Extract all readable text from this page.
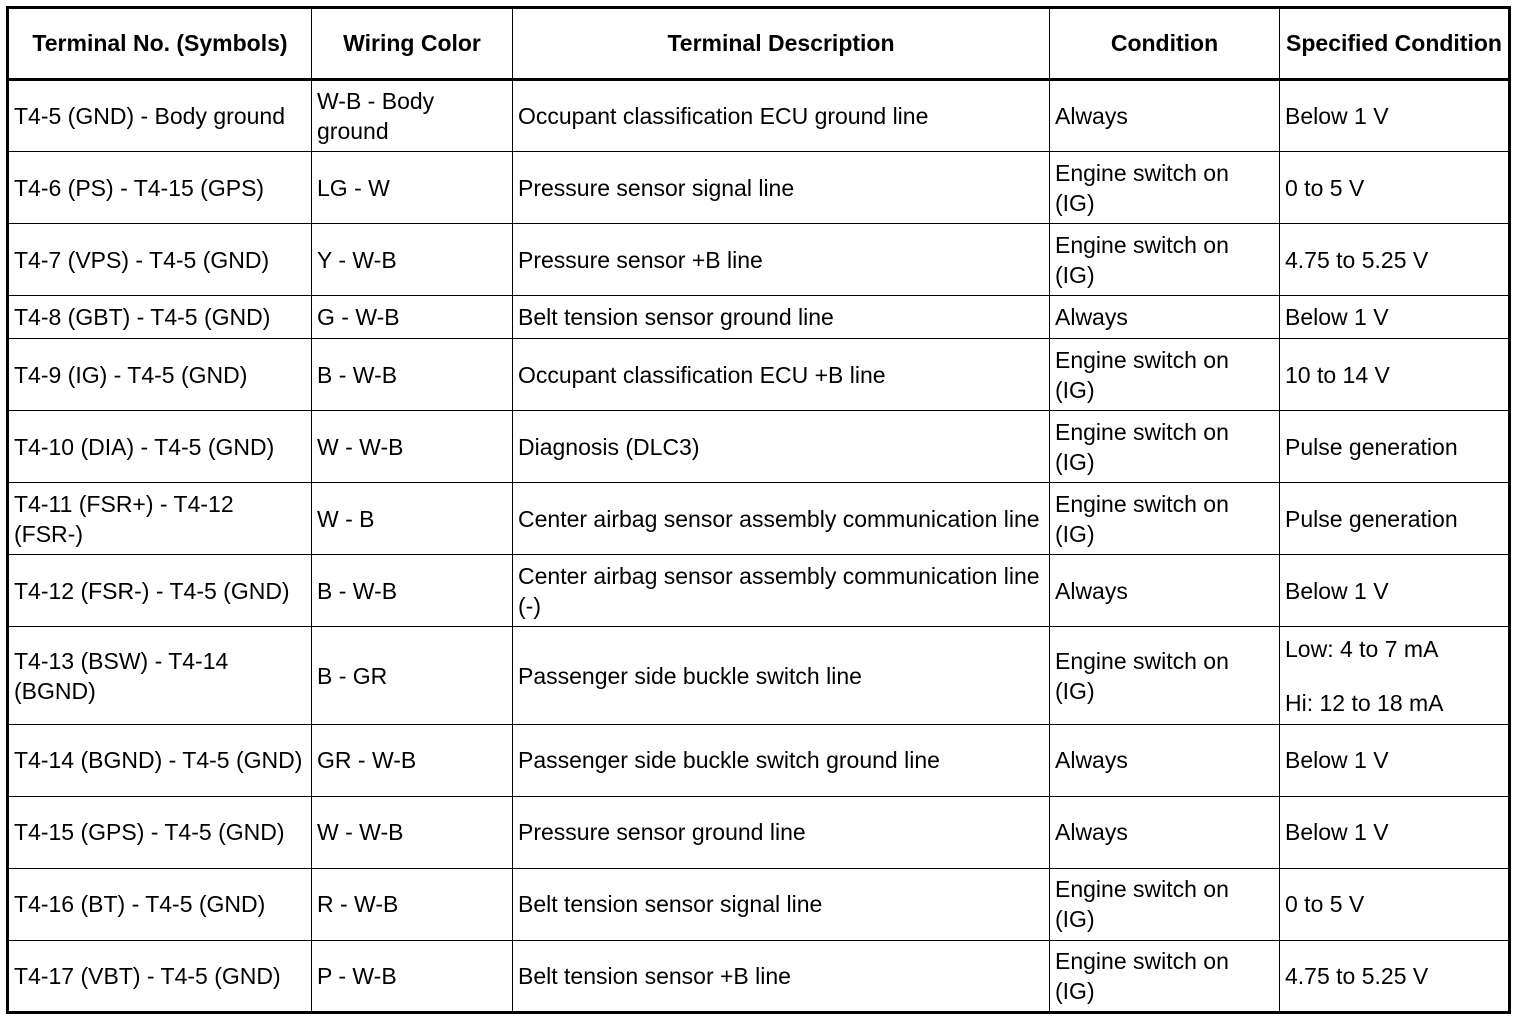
Terminal No. (Symbols)	Wiring Color	Terminal Description	Condition	Specified Condition
T4-5 (GND) - Body ground	W-B - Body ground	Occupant classification ECU ground line	Always	Below 1 V
T4-6 (PS) - T4-15 (GPS)	LG - W	Pressure sensor signal line	Engine switch on (IG)	0 to 5 V
T4-7 (VPS) - T4-5 (GND)	Y - W-B	Pressure sensor +B line	Engine switch on (IG)	4.75 to 5.25 V
T4-8 (GBT) - T4-5 (GND)	G - W-B	Belt tension sensor ground line	Always	Below 1 V
T4-9 (IG) - T4-5 (GND)	B - W-B	Occupant classification ECU +B line	Engine switch on (IG)	10 to 14 V
T4-10 (DIA) - T4-5 (GND)	W - W-B	Diagnosis (DLC3)	Engine switch on (IG)	Pulse generation
T4-11 (FSR+) - T4-12 (FSR-)	W - B	Center airbag sensor assembly communication line	Engine switch on (IG)	Pulse generation
T4-12 (FSR-) - T4-5 (GND)	B - W-B	Center airbag sensor assembly communication line (-)	Always	Below 1 V
T4-13 (BSW) - T4-14 (BGND)	B - GR	Passenger side buckle switch line	Engine switch on (IG)	Low: 4 to 7 mA
Hi: 12 to 18 mA

T4-14 (BGND) - T4-5 (GND)	GR - W-B	Passenger side buckle switch ground line	Always	Below 1 V
T4-15 (GPS) - T4-5 (GND)	W - W-B	Pressure sensor ground line	Always	Below 1 V
T4-16 (BT) - T4-5 (GND)	R - W-B	Belt tension sensor signal line	Engine switch on (IG)	0 to 5 V
T4-17 (VBT) - T4-5 (GND)	P - W-B	Belt tension sensor +B line	Engine switch on (IG)	4.75 to 5.25 V
